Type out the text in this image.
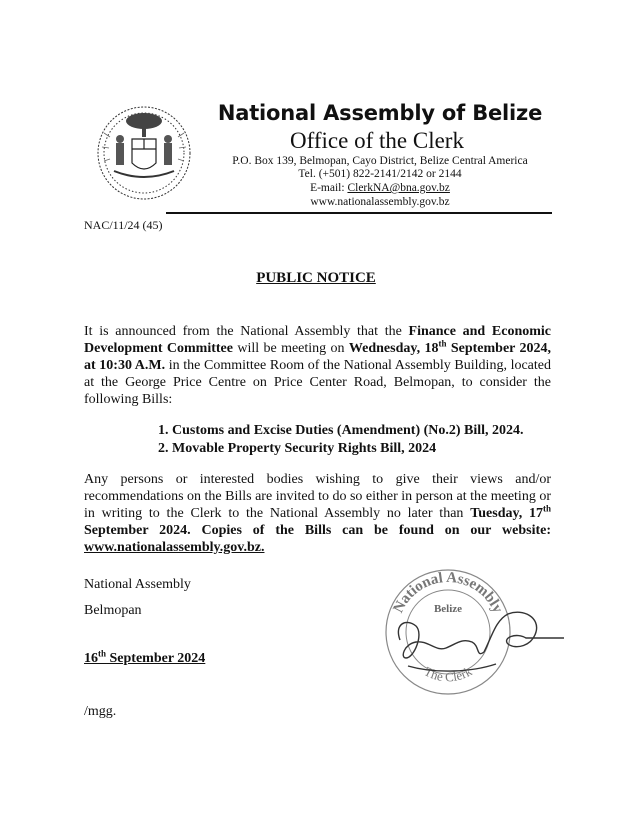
National Assembly of Belize
Office of the Clerk
P.O. Box 139, Belmopan, Cayo District, Belize Central America
Tel. (+501) 822-2141/2142 or 2144
E-mail: ClerkNA@bna.gov.bz
www.nationalassembly.gov.bz
NAC/11/24 (45)
PUBLIC NOTICE
It is announced from the National Assembly that the Finance and Economic Development Committee will be meeting on Wednesday, 18th September 2024, at 10:30 A.M. in the Committee Room of the National Assembly Building, located at the George Price Centre on Price Center Road, Belmopan, to consider the following Bills:
1. Customs and Excise Duties (Amendment) (No.2) Bill, 2024.
2. Movable Property Security Rights Bill, 2024
Any persons or interested bodies wishing to give their views and/or recommendations on the Bills are invited to do so either in person at the meeting or in writing to the Clerk to the National Assembly no later than Tuesday, 17th September 2024. Copies of the Bills can be found on our website: www.nationalassembly.gov.bz.
National Assembly
Belmopan
16th September 2024
/mgg.
National Assembly
Belize
The Clerk
